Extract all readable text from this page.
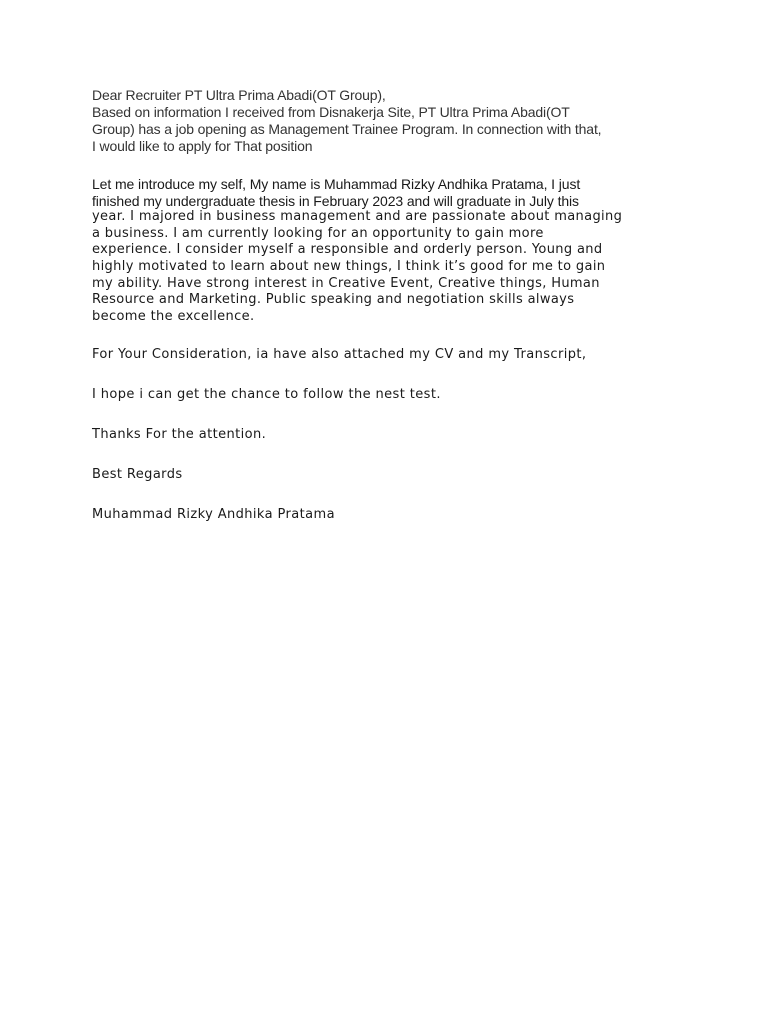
Dear Recruiter PT Ultra Prima Abadi(OT Group),
Based on information I received from Disnakerja Site, PT Ultra Prima Abadi(OT
Group) has a job opening as Management Trainee Program. In connection with that,
I would like to apply for That position
Let me introduce my self, My name is Muhammad Rizky Andhika Pratama, I just
finished my undergraduate thesis in February 2023 and will graduate in July this
year. I majored in business management and are passionate about managing
a business. I am currently looking for an opportunity to gain more
experience. I consider myself a responsible and orderly person. Young and
highly motivated to learn about new things, I think it’s good for me to gain
my ability. Have strong interest in Creative Event, Creative things, Human
Resource and Marketing. Public speaking and negotiation skills always
become the excellence.
For Your Consideration, ia have also attached my CV and my Transcript,
I hope i can get the chance to follow the nest test.
Thanks For the attention.
Best Regards
Muhammad Rizky Andhika Pratama
